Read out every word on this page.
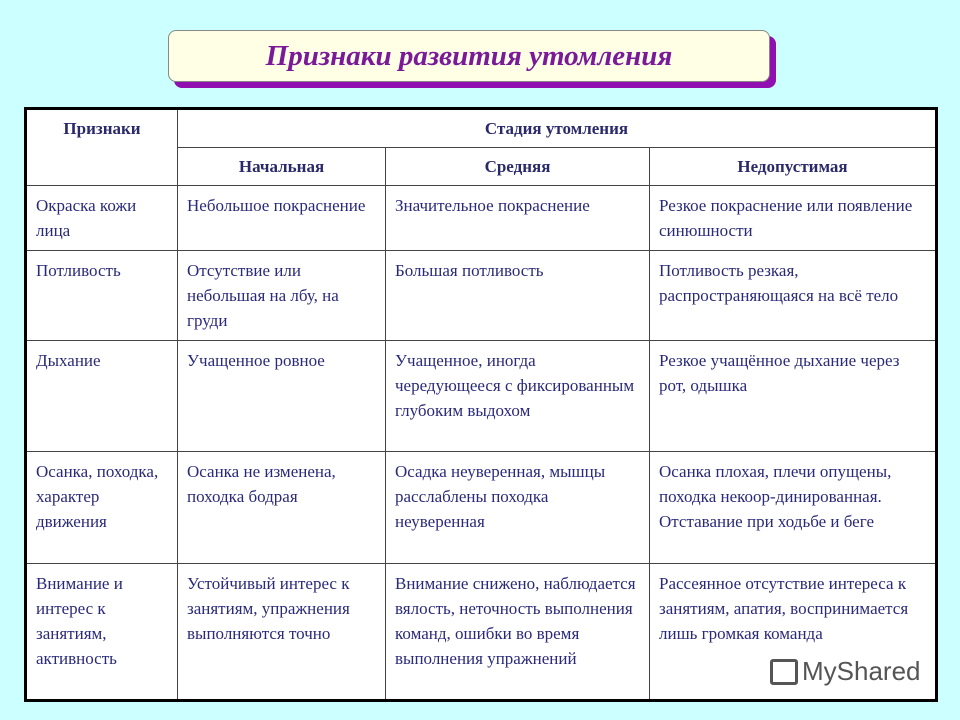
Признаки развития утомления
Признаки	Стадия утомления		
	Начальная	Средняя	Недопустимая
Окраска кожи лица	Небольшое покраснение	Значительное покраснение	Резкое покраснение или появление синюшности
Потливость	Отсутствие или небольшая на лбу, на груди	Большая потливость	Потливость резкая, распространяющаяся на всё тело
Дыхание	Учащенное ровное	Учащенное, иногда чередующееся с фиксированным глубоким выдохом	Резкое учащённое дыхание через рот, одышка
Осанка, походка, характер движения	Осанка не изменена, походка бодрая	Осадка неуверенная, мышцы расслаблены походка неуверенная	Осанка плохая, плечи опущены, походка некоор-динированная. Отставание при ходьбе и беге
Внимание и интерес к занятиям, активность	Устойчивый интерес к занятиям, упражнения выполняются точно	Внимание снижено, наблюдается вялость, неточность выполнения команд, ошибки во время выполнения упражнений	Рассеянное отсутствие интереса к занятиям, апатия, воспринимается лишь громкая команда
MyShared
